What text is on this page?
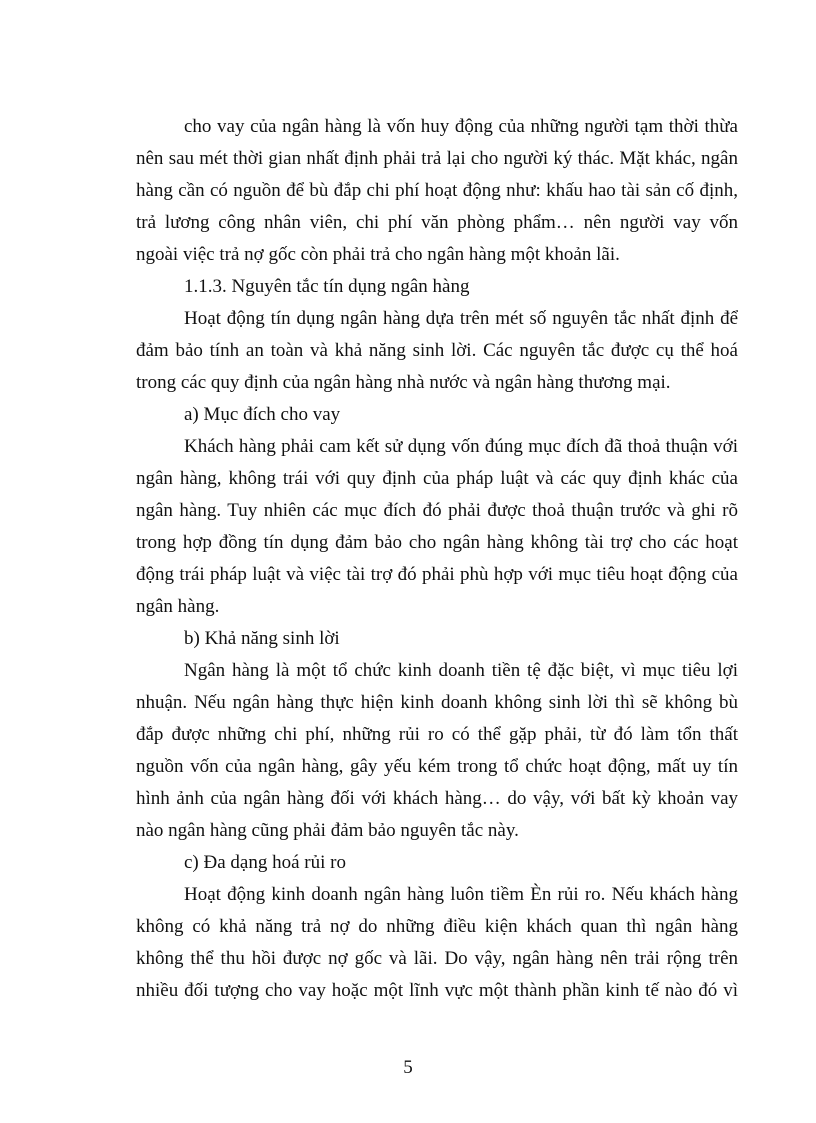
cho vay của ngân hàng là vốn huy động của những người tạm thời thừa
nên sau mét thời gian nhất định phải trả lại cho người ký thác. Mặt khác, ngân
hàng cần có nguồn để bù đắp chi phí hoạt động như: khấu hao tài sản cố định,
trả lương công nhân viên, chi phí văn phòng phẩm… nên người vay vốn
ngoài việc trả nợ gốc còn phải trả cho ngân hàng một khoản lãi.
1.1.3. Nguyên tắc tín dụng ngân hàng
Hoạt động tín dụng ngân hàng dựa trên mét số nguyên tắc nhất định để
đảm bảo tính an toàn và khả năng sinh lời. Các nguyên tắc được cụ thể hoá
trong các quy định của ngân hàng nhà nước và ngân hàng thương mại.
a) Mục đích cho vay
Khách hàng phải cam kết sử dụng vốn đúng mục đích đã thoả thuận với
ngân hàng, không trái với quy định của pháp luật và các quy định khác của
ngân hàng. Tuy nhiên các mục đích đó phải được thoả thuận trước và ghi rõ
trong hợp đồng tín dụng đảm bảo cho ngân hàng không tài trợ cho các hoạt
động trái pháp luật và việc tài trợ đó phải phù hợp với mục tiêu hoạt động của
ngân hàng.
b) Khả năng sinh lời
Ngân hàng là một tổ chức kinh doanh tiền tệ đặc biệt, vì mục tiêu lợi
nhuận. Nếu ngân hàng thực hiện kinh doanh không sinh lời thì sẽ không bù
đắp được những chi phí, những rủi ro có thể gặp phải, từ đó làm tổn thất
nguồn vốn của ngân hàng, gây yếu kém trong tổ chức hoạt động, mất uy tín
hình ảnh của ngân hàng đối với khách hàng… do vậy, với bất kỳ khoản vay
nào ngân hàng cũng phải đảm bảo nguyên tắc này.
c) Đa dạng hoá rủi ro
Hoạt động kinh doanh ngân hàng luôn tiềm Èn rủi ro. Nếu khách hàng
không có khả năng trả nợ do những điều kiện khách quan thì ngân hàng
không thể thu hồi được nợ gốc và lãi. Do vậy, ngân hàng nên trải rộng trên
nhiều đối tượng cho vay hoặc một lĩnh vực một thành phần kinh tế nào đó vì
5
